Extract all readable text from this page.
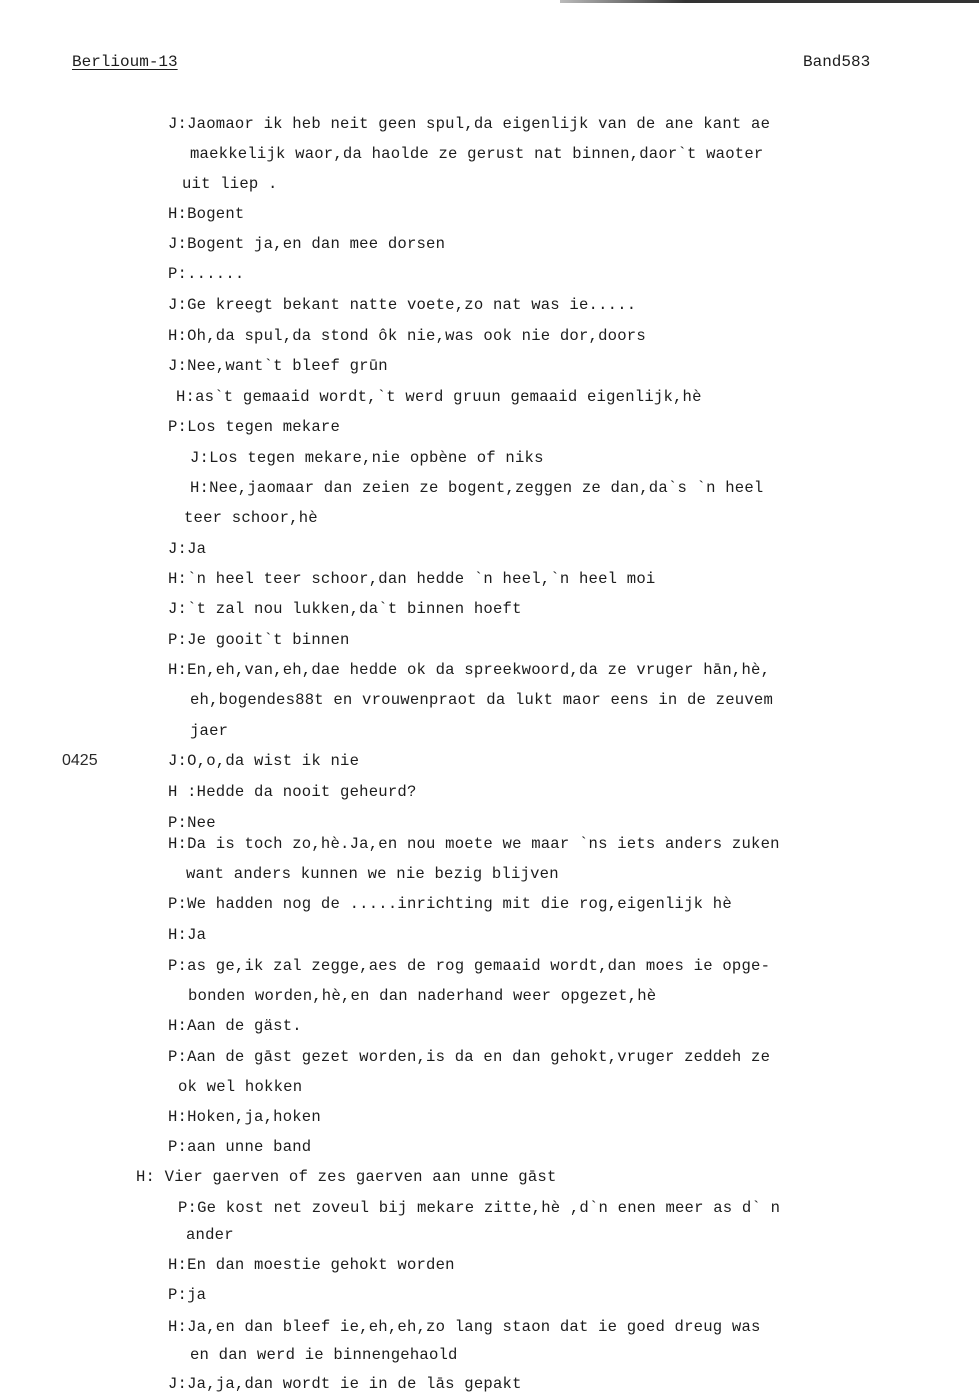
Berlioum-13	Band583
0425
J:Jaomaor ik heb neit geen spul,da eigenlijk van de ane kant ae
maekkelijk waor,da haolde ze gerust nat binnen,daor`t waoter
uit liep .
H:Bogent
J:Bogent ja,en dan mee dorsen
P:......
J:Ge kreegt bekant natte voete,zo nat was ie.....
H:Oh,da spul,da stond ôk nie,was ook nie dor,doors
J:Nee,want`t bleef grūn
H:as`t gemaaid wordt,`t werd gruun gemaaid eigenlijk,hè
P:Los tegen mekare
J:Los tegen mekare,nie opbène of niks
H:Nee,jaomaar dan zeien ze bogent,zeggen ze dan,da`s `n heel
teer schoor,hè
J:Ja
H:`n heel teer schoor,dan hedde `n heel,`n heel moi
J:`t zal nou lukken,da`t binnen hoeft
P:Je gooit`t binnen
H:En,eh,van,eh,dae hedde ok da spreekwoord,da ze vruger hān,hè,
eh,bogendes88t en vrouwenpraot da lukt maor eens in de zeuvem
jaer
J:O,o,da wist ik nie
H :Hedde da nooit geheurd?
P:Nee
H:Da is toch zo,hè.Ja,en nou moete we maar `ns iets anders zuken
want anders kunnen we nie bezig blijven
P:We hadden nog de .....inrichting mit die rog,eigenlijk hè
H:Ja
P:as ge,ik zal zegge,aes de rog gemaaid wordt,dan moes ie opge-
bonden worden,hè,en dan naderhand weer opgezet,hè
H:Aan de gäst.
P:Aan de gāst gezet worden,is da en dan gehokt,vruger zeddeh ze
ok wel hokken
H:Hoken,ja,hoken
P:aan unne band
H: Vier gaerven of zes gaerven aan unne gāst
P:Ge kost net zoveul bij mekare zitte,hè ,d`n enen meer as d` n
ander
H:En dan moestie gehokt worden
P:ja
H:Ja,en dan bleef ie,eh,eh,zo lang staon dat ie goed dreug was
en dan werd ie binnengehaold
J:Ja,ja,dan wordt ie in de lās gepakt
